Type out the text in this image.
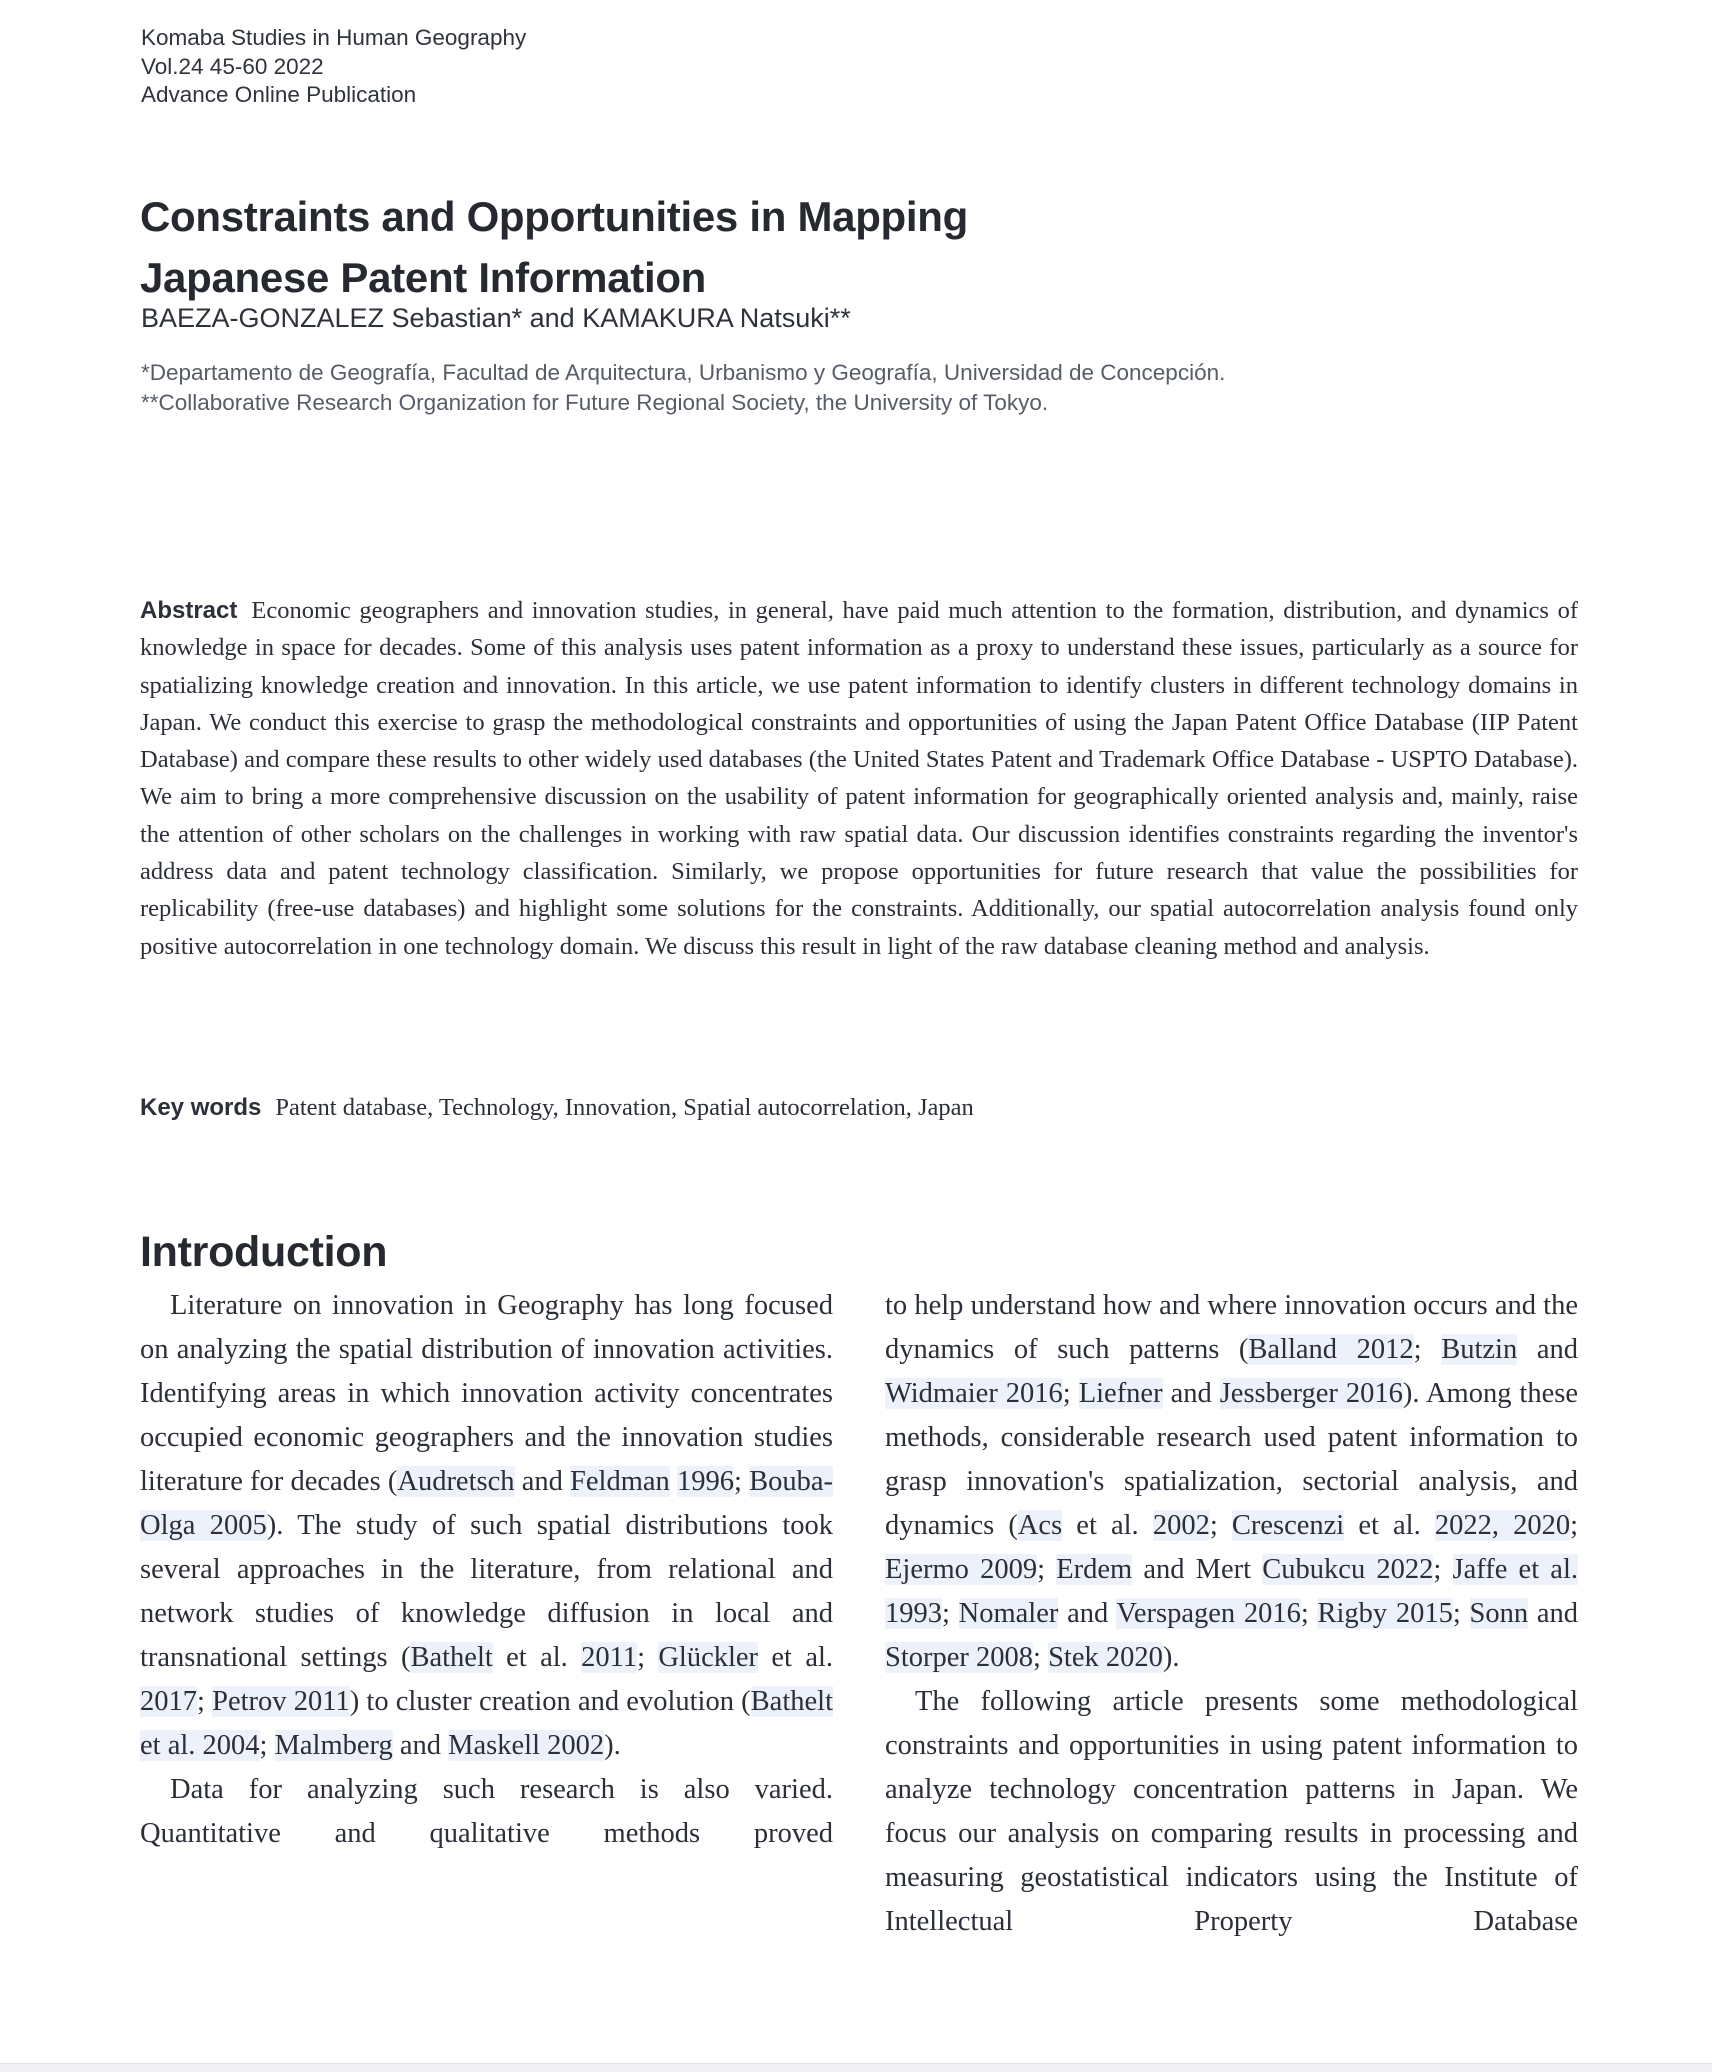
Komaba Studies in Human Geography
Vol.24 45-60 2022
Advance Online Publication
Constraints and Opportunities in Mapping
Japanese Patent Information
BAEZA-GONZALEZ Sebastian* and KAMAKURA Natsuki**
*Departamento de Geografía, Facultad de Arquitectura, Urbanismo y Geografía, Universidad de Concepción.
**Collaborative Research Organization for Future Regional Society, the University of Tokyo.
Abstract Economic geographers and innovation studies, in general, have paid much attention to the formation, distribution, and dynamics of knowledge in space for decades. Some of this analysis uses patent information as a proxy to understand these issues, particularly as a source for spatializing knowledge creation and innovation. In this article, we use patent information to identify clusters in different technology domains in Japan. We conduct this exercise to grasp the methodological constraints and opportunities of using the Japan Patent Office Database (IIP Patent Database) and compare these results to other widely used databases (the United States Patent and Trademark Office Database - USPTO Database). We aim to bring a more comprehensive discussion on the usability of patent information for geographically oriented analysis and, mainly, raise the attention of other scholars on the challenges in working with raw spatial data. Our discussion identifies constraints regarding the inventor's address data and patent technology classification. Similarly, we propose opportunities for future research that value the possibilities for replicability (free-use databases) and highlight some solutions for the constraints. Additionally, our spatial autocorrelation analysis found only positive autocorrelation in one technology domain. We discuss this result in light of the raw database cleaning method and analysis.
Key words Patent database, Technology, Innovation, Spatial autocorrelation, Japan
Introduction

Literature on innovation in Geography has long focused on analyzing the spatial distribution of innovation activities. Identifying areas in which innovation activity concentrates occupied economic geographers and the innovation studies literature for decades (Audretsch and Feldman 1996; Bouba-Olga 2005). The study of such spatial distributions took several approaches in the literature, from relational and network studies of knowledge diffusion in local and transnational settings (Bathelt et al. 2011; Glückler et al. 2017; Petrov 2011) to cluster creation and evolution (Bathelt et al. 2004; Malmberg and Maskell 2002).

Data for analyzing such research is also varied. Quantitative and qualitative methods proved

to help understand how and where innovation occurs and the dynamics of such patterns (Balland 2012; Butzin and Widmaier 2016; Liefner and Jessberger 2016). Among these methods, considerable research used patent information to grasp innovation's spatialization, sectorial analysis, and dynamics (Acs et al. 2002; Crescenzi et al. 2022, 2020; Ejermo 2009; Erdem and Mert Cubukcu 2022; Jaffe et al. 1993; Nomaler and Verspagen 2016; Rigby 2015; Sonn and Storper 2008; Stek 2020).

The following article presents some methodological constraints and opportunities in using patent information to analyze technology concentration patterns in Japan. We focus our analysis on comparing results in processing and measuring geostatistical indicators using the Institute of Intellectual Property Database
